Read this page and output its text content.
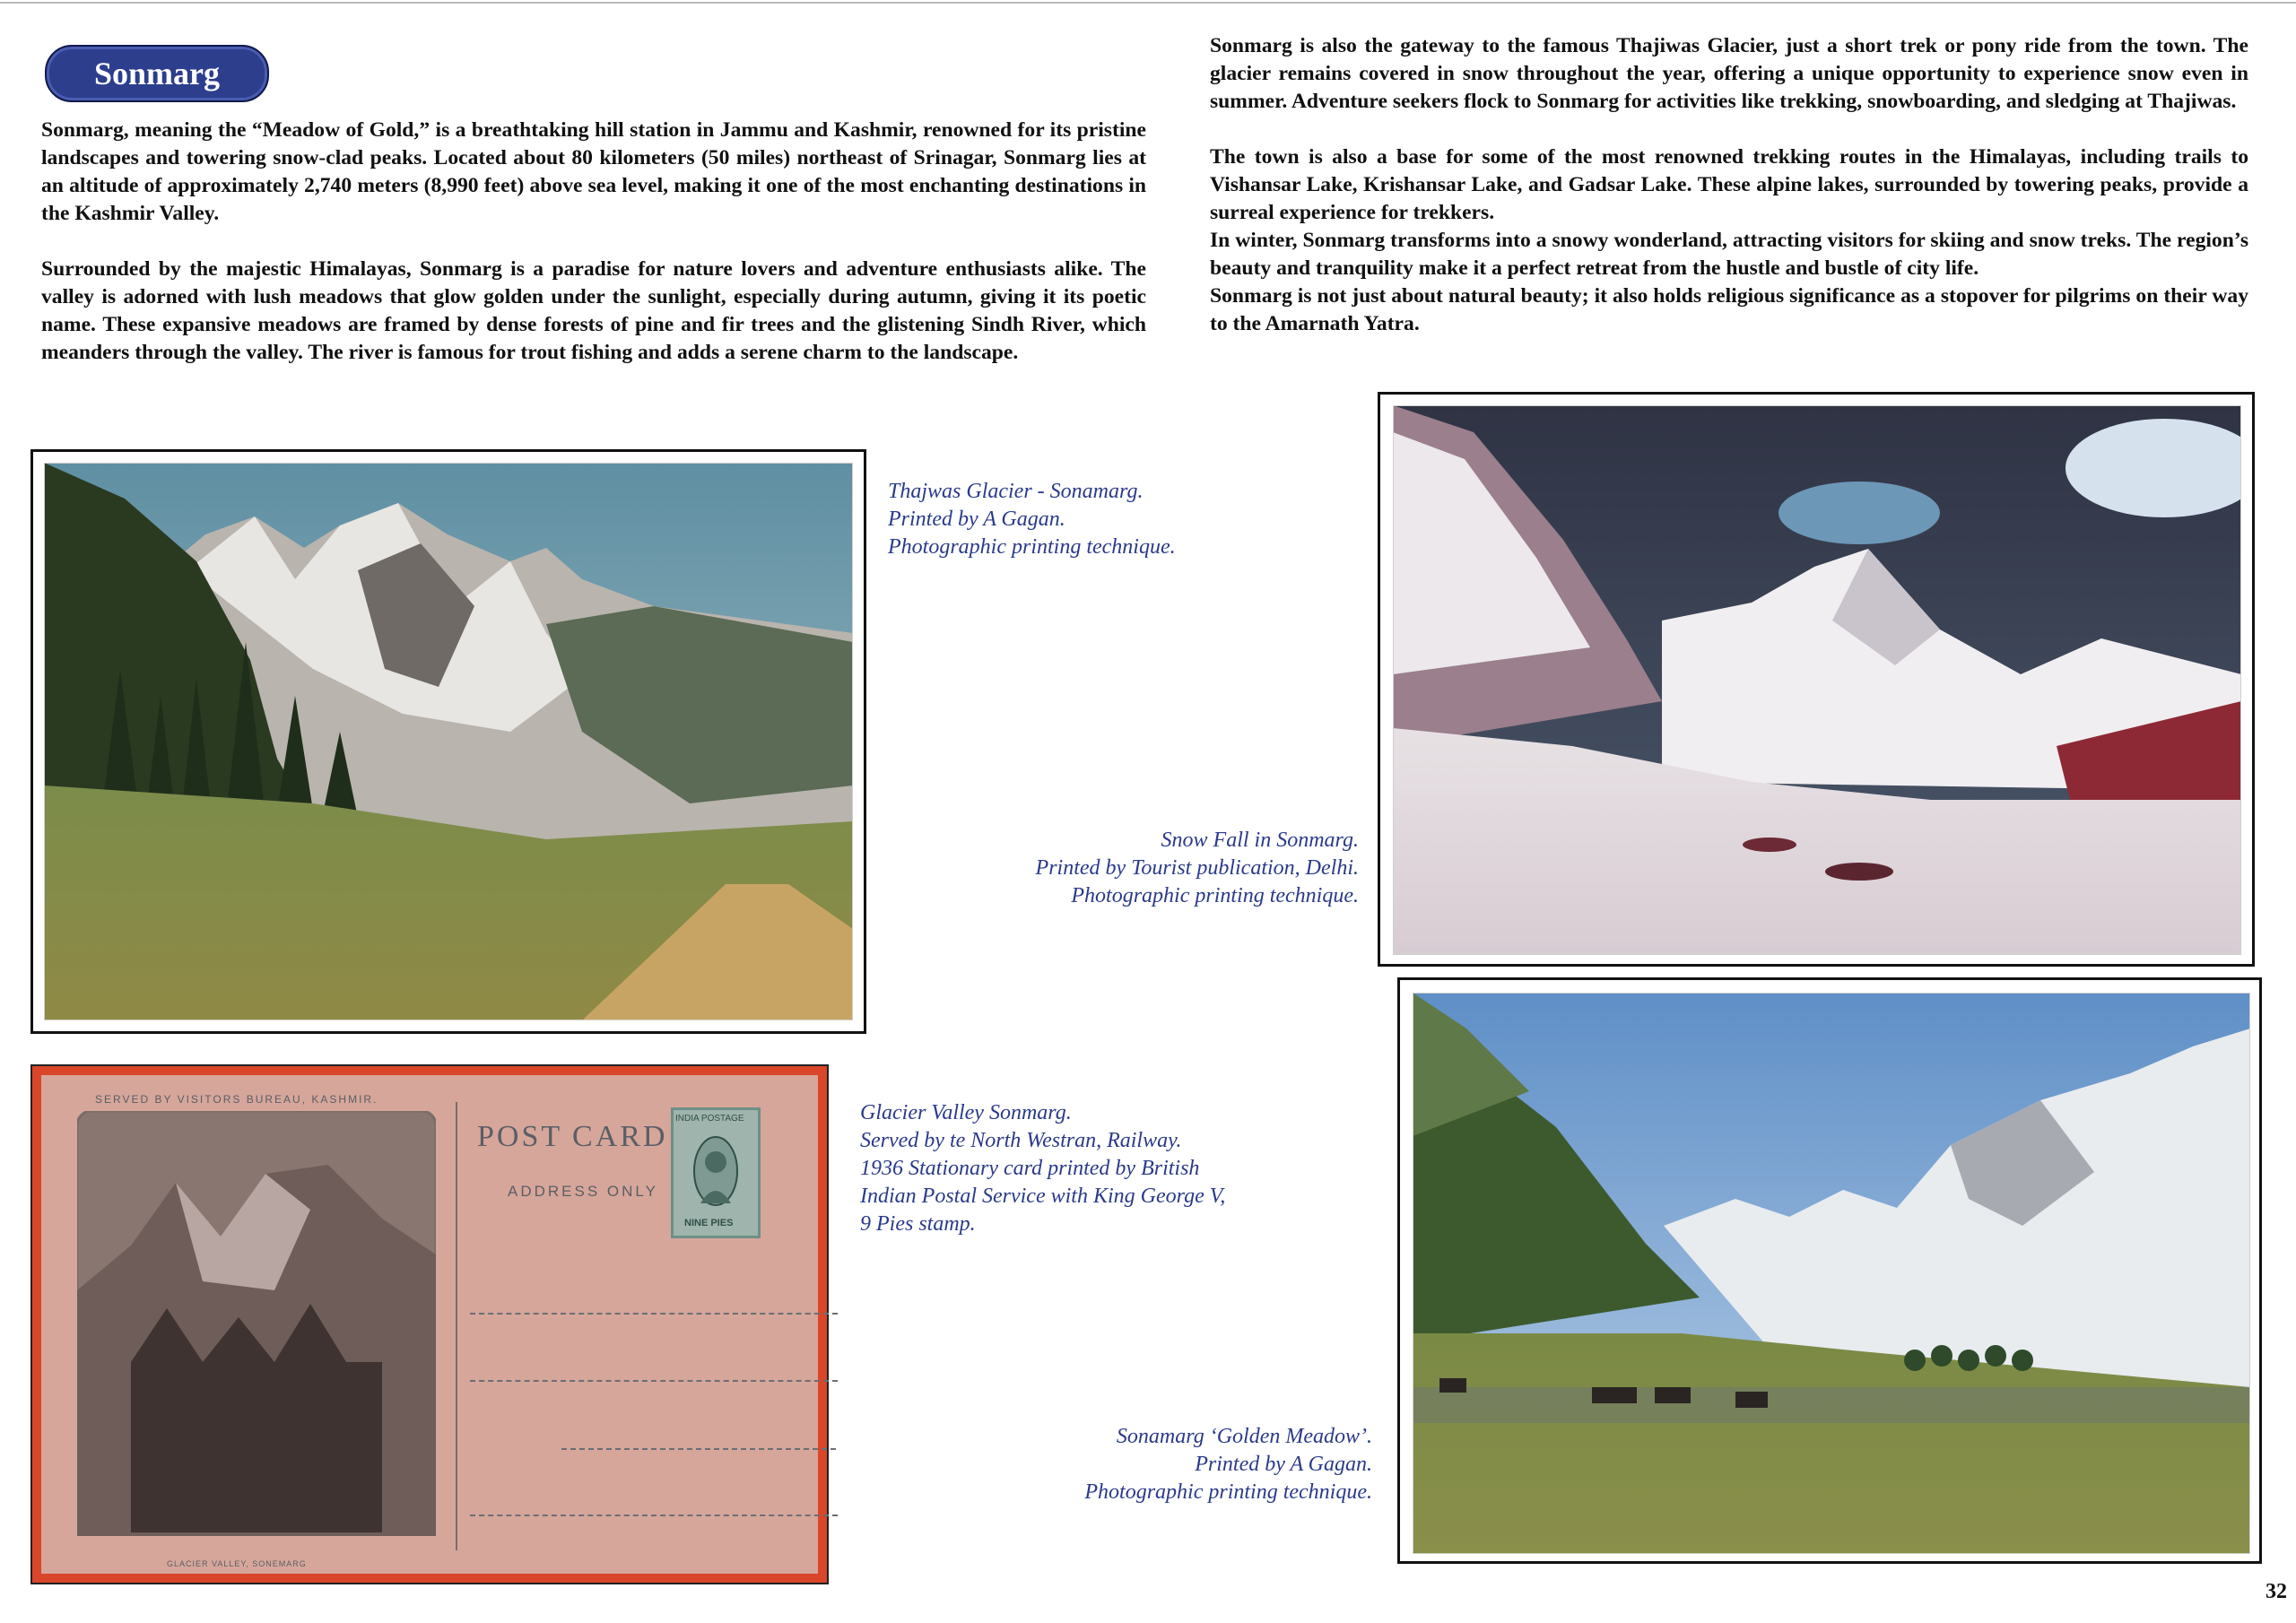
Sonmarg

Sonmarg, meaning the “Meadow of Gold,” is a breathtaking hill station in Jammu and Kashmir, renowned for its pristine landscapes and towering snow-clad peaks. Located about 80 kilometers (50 miles) northeast of Srinagar, Sonmarg lies at an altitude of approximately 2,740 meters (8,990 feet) above sea level, making it one of the most enchanting destinations in the Kashmir Valley.

Surrounded by the majestic Himalayas, Sonmarg is a paradise for nature lovers and adventure enthusiasts alike. The valley is adorned with lush meadows that glow golden under the sunlight, especially during autumn, giving it its poetic name. These expansive meadows are framed by dense forests of pine and fir trees and the glistening Sindh River, which meanders through the valley. The river is famous for trout fishing and adds a serene charm to the landscape.

Sonmarg is also the gateway to the famous Thajiwas Glacier, just a short trek or pony ride from the town. The glacier remains covered in snow throughout the year, offering a unique opportunity to experience snow even in summer. Adventure seekers flock to Sonmarg for activities like trekking, snowboarding, and sledging at Thajiwas.

The town is also a base for some of the most renowned trekking routes in the Himalayas, including trails to Vishansar Lake, Krishansar Lake, and Gadsar Lake. These alpine lakes, surrounded by towering peaks, provide a surreal experience for trekkers.

In winter, Sonmarg transforms into a snowy wonderland, attracting visitors for skiing and snow treks. The region’s beauty and tranquility make it a perfect retreat from the hustle and bustle of city life.

Sonmarg is not just about natural beauty; it also holds religious significance as a stopover for pilgrims on their way to the Amarnath Yatra.

Thajwas Glacier - Sonamarg.
Printed by A Gagan.
Photographic printing technique.
Snow Fall in Sonmarg.
Printed by Tourist publication, Delhi.
Photographic printing technique.
Sonamarg ‘Golden Meadow’.
Printed by A Gagan.
Photographic printing technique.
SERVED BY VISITORS BUREAU, KASHMIR.
GLACIER VALLEY, SONEMARG
POST CARD
ADDRESS ONLY
INDIA POSTAGE
NINE PIES
Glacier Valley Sonmarg.
Served by te North Westran, Railway.
1936 Stationary card printed by British
Indian Postal Service with King George V,
9 Pies stamp.
32
